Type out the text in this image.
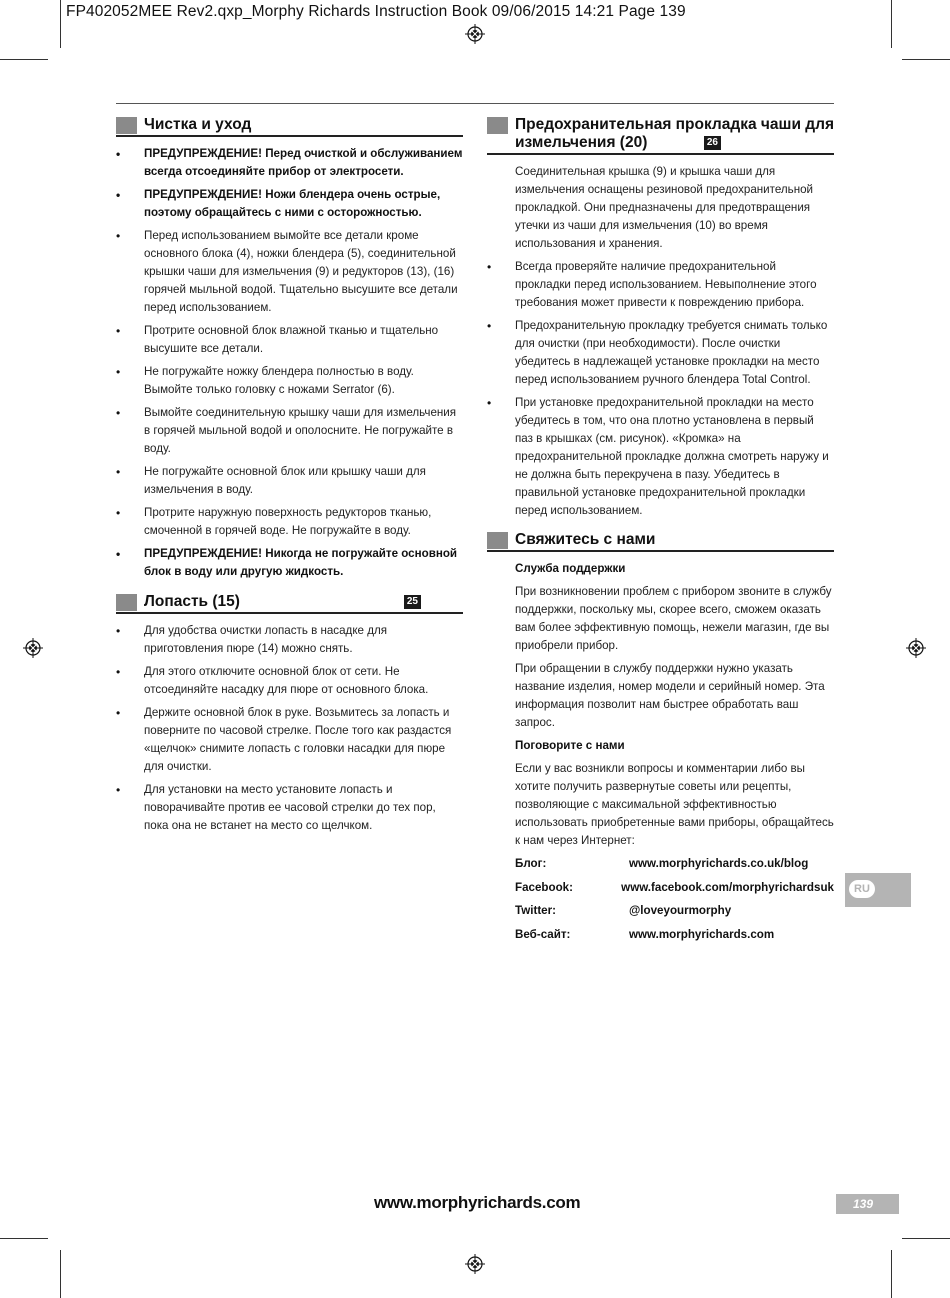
FP402052MEE Rev2.qxp_Morphy Richards Instruction Book 09/06/2015 14:21 Page 139
Чистка и уход
• ПРЕДУПРЕЖДЕНИЕ! Перед очисткой и обслуживанием всегда отсоединяйте прибор от электросети.
• ПРЕДУПРЕЖДЕНИЕ! Ножи блендера очень острые, поэтому обращайтесь с ними с осторожностью.
• Перед использованием вымойте все детали кроме основного блока (4), ножки блендера (5), соединительной крышки чаши для измельчения (9) и редукторов (13), (16) горячей мыльной водой. Тщательно высушите все детали перед использованием.
• Протрите основной блок влажной тканью и тщательно высушите все детали.
• Не погружайте ножку блендера полностью в воду. Вымойте только головку с ножами Serrator (6).
• Вымойте соединительную крышку чаши для измельчения в горячей мыльной водой и ополосните. Не погружайте в воду.
• Не погружайте основной блок или крышку чаши для измельчения в воду.
• Протрите наружную поверхность редукторов тканью, смоченной в горячей воде. Не погружайте в воду.
• ПРЕДУПРЕЖДЕНИЕ! Никогда не погружайте основной блок в воду или другую жидкость.
Лопасть (15)	25
• Для удобства очистки лопасть в насадке для приготовления пюре (14) можно снять.
• Для этого отключите основной блок от сети. Не отсоединяйте насадку для пюре от основного блока.
• Держите основной блок в руке. Возьмитесь за лопасть и поверните по часовой стрелке. После того как раздастся «щелчок» снимите лопасть с головки насадки для пюре для очистки.
• Для установки на место установите лопасть и поворачивайте против ее часовой стрелки до тех пор, пока она не встанет на место со щелчком.
Предохранительная прокладка чаши для
измельчения (20)	26

Соединительная крышка (9) и крышка чаши для измельчения оснащены резиновой предохранительной прокладкой. Они предназначены для предотвращения утечки из чаши для измельчения (10) во время использования и хранения.

• Всегда проверяйте наличие предохранительной прокладки перед использованием. Невыполнение этого требования может привести к повреждению прибора.
• Предохранительную прокладку требуется снимать только для очистки (при необходимости). После очистки убедитесь в надлежащей установке прокладки на место перед использованием ручного блендера Total Control.
• При установке предохранительной прокладки на место убедитесь в том, что она плотно установлена в первый паз в крышках (см. рисунок). «Кромка» на предохранительной прокладке должна смотреть наружу и не должна быть перекручена в пазу. Убедитесь в правильной установке предохранительной прокладки перед использованием.
Свяжитесь с нами

Служба поддержки

При возникновении проблем с прибором звоните в службу поддержки, поскольку мы, скорее всего, сможем оказать вам более эффективную помощь, нежели магазин, где вы приобрели прибор.

При обращении в службу поддержки нужно указать название изделия, номер модели и серийный номер. Эта информация позволит нам быстрее обработать ваш запрос.

Поговорите с нами

Если у вас возникли вопросы и комментарии либо вы хотите получить развернутые советы или рецепты, позволяющие с максимальной эффективностью использовать приобретенные вами приборы, обращайтесь к нам через Интернет:

Блог:	www.morphyrichards.co.uk/blog
Facebook:	www.facebook.com/morphyrichardsuk
Twitter:	@loveyourmorphy
Веб-сайт:	www.morphyrichards.com
RU
www.morphyrichards.com	139
